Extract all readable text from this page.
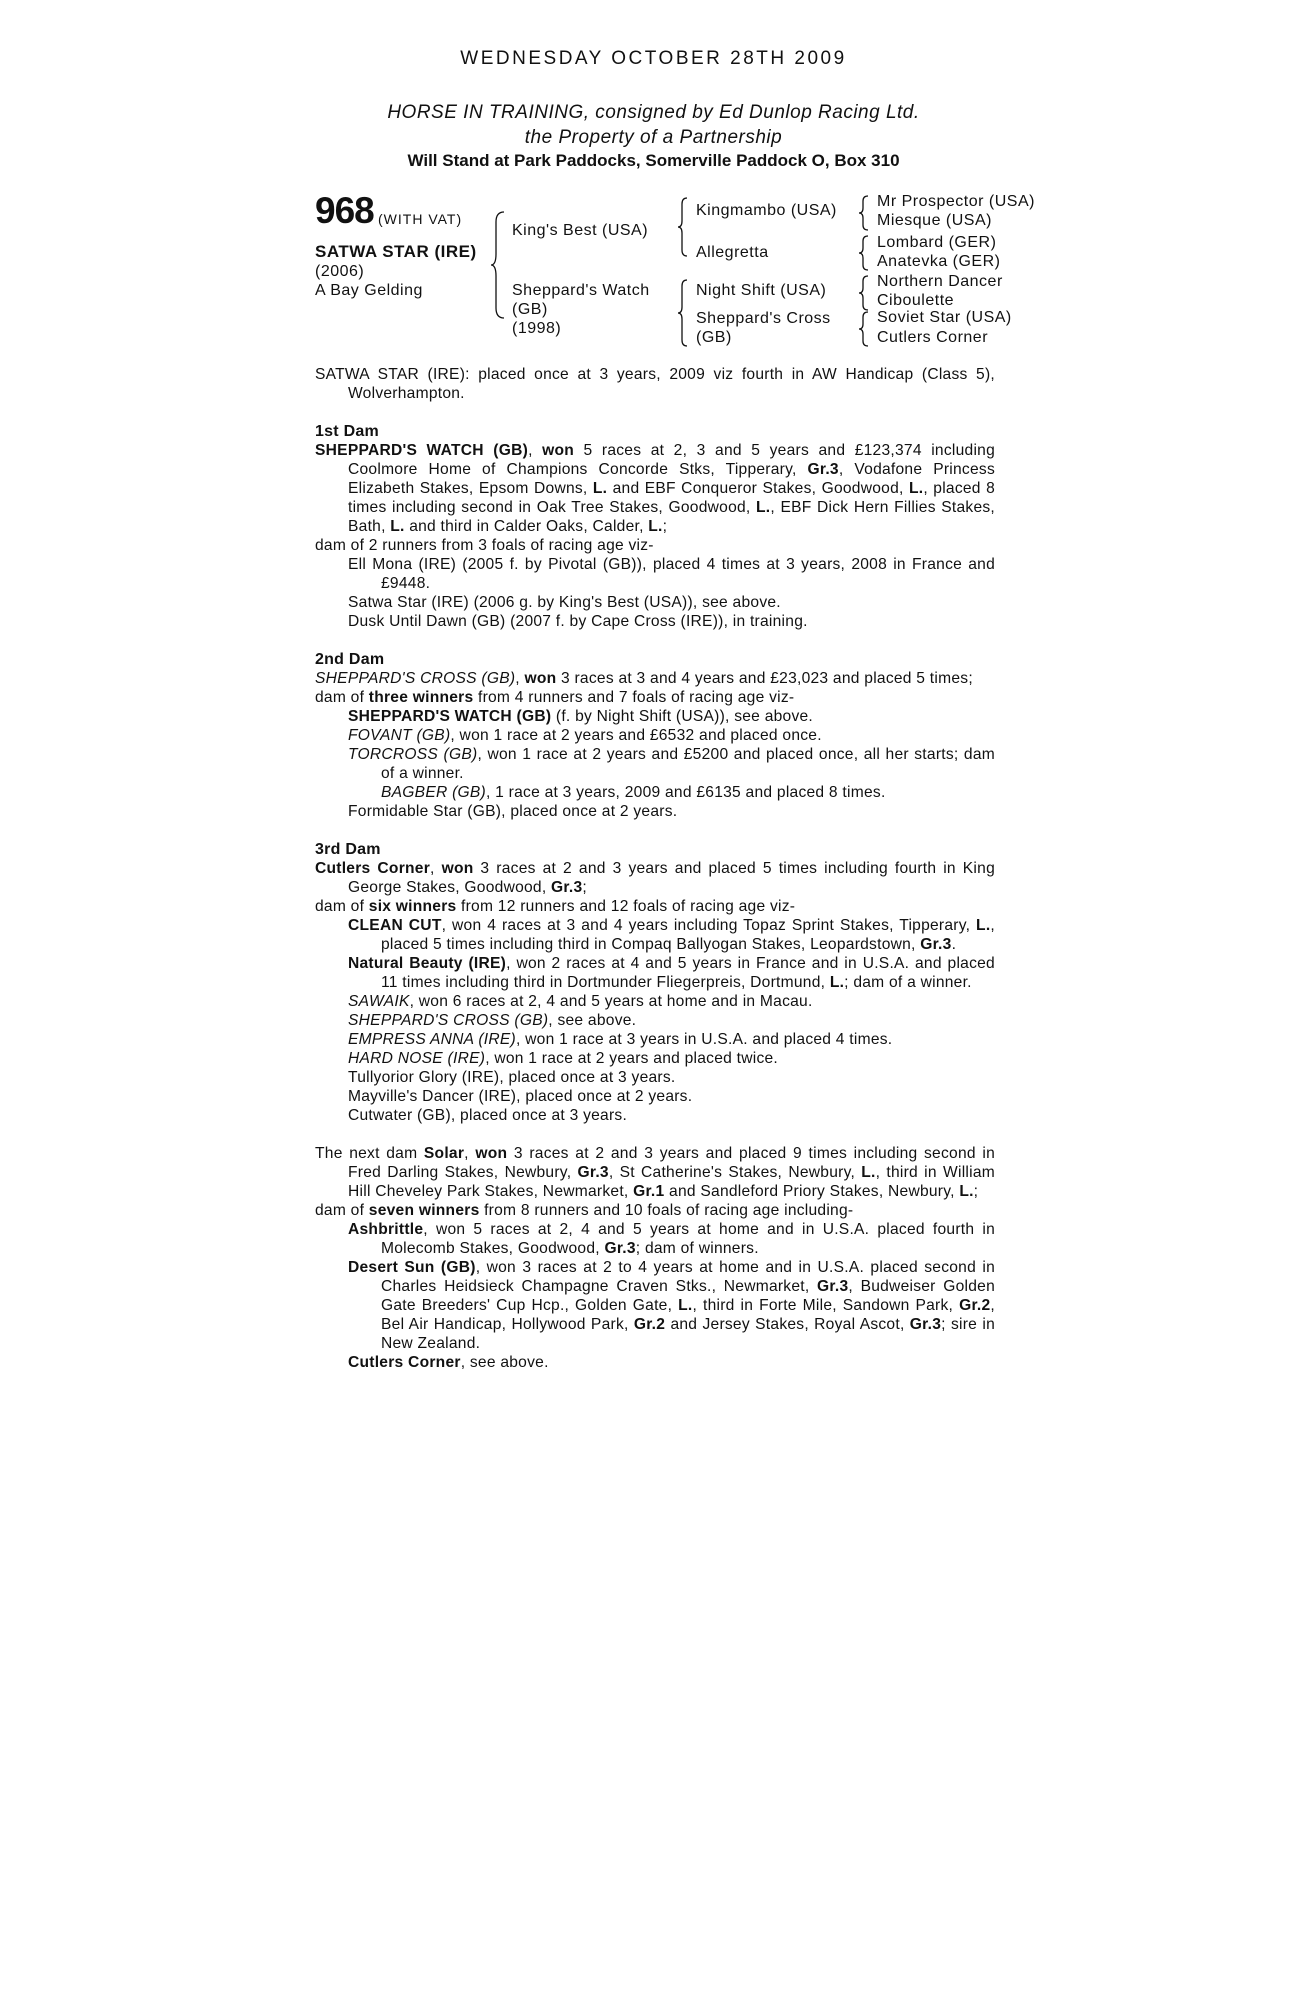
WEDNESDAY OCTOBER 28TH 2009
HORSE IN TRAINING, consigned by Ed Dunlop Racing Ltd.
the Property of a Partnership
Will Stand at Park Paddocks, Somerville Paddock O, Box 310
968 (WITH VAT)
SATWA STAR (IRE)
(2006)
A Bay Gelding
King's Best (USA)
Sheppard's Watch
(GB)
(1998)
Kingmambo (USA)
Allegretta
Night Shift (USA)
Sheppard's Cross
(GB)
Mr Prospector (USA)
Miesque (USA)
Lombard (GER)
Anatevka (GER)
Northern Dancer
Ciboulette
Soviet Star (USA)
Cutlers Corner

SATWA STAR (IRE): placed once at 3 years, 2009 viz fourth in AW Handicap (Class 5), Wolverhampton.

1st Dam

SHEPPARD'S WATCH (GB), won 5 races at 2, 3 and 5 years and £123,374 including Coolmore Home of Champions Concorde Stks, Tipperary, Gr.3, Vodafone Princess Elizabeth Stakes, Epsom Downs, L. and EBF Conqueror Stakes, Goodwood, L., placed 8 times including second in Oak Tree Stakes, Goodwood, L., EBF Dick Hern Fillies Stakes, Bath, L. and third in Calder Oaks, Calder, L.;

dam of 2 runners from 3 foals of racing age viz-

Ell Mona (IRE) (2005 f. by Pivotal (GB)), placed 4 times at 3 years, 2008 in France and £9448.

Satwa Star (IRE) (2006 g. by King's Best (USA)), see above.

Dusk Until Dawn (GB) (2007 f. by Cape Cross (IRE)), in training.

2nd Dam

SHEPPARD'S CROSS (GB), won 3 races at 3 and 4 years and £23,023 and placed 5 times;

dam of three winners from 4 runners and 7 foals of racing age viz-

SHEPPARD'S WATCH (GB) (f. by Night Shift (USA)), see above.

FOVANT (GB), won 1 race at 2 years and £6532 and placed once.

TORCROSS (GB), won 1 race at 2 years and £5200 and placed once, all her starts; dam of a winner.

BAGBER (GB), 1 race at 3 years, 2009 and £6135 and placed 8 times.

Formidable Star (GB), placed once at 2 years.

3rd Dam

Cutlers Corner, won 3 races at 2 and 3 years and placed 5 times including fourth in King George Stakes, Goodwood, Gr.3;

dam of six winners from 12 runners and 12 foals of racing age viz-

CLEAN CUT, won 4 races at 3 and 4 years including Topaz Sprint Stakes, Tipperary, L., placed 5 times including third in Compaq Ballyogan Stakes, Leopardstown, Gr.3.

Natural Beauty (IRE), won 2 races at 4 and 5 years in France and in U.S.A. and placed 11 times including third in Dortmunder Fliegerpreis, Dortmund, L.; dam of a winner.

SAWAIK, won 6 races at 2, 4 and 5 years at home and in Macau.

SHEPPARD'S CROSS (GB), see above.

EMPRESS ANNA (IRE), won 1 race at 3 years in U.S.A. and placed 4 times.

HARD NOSE (IRE), won 1 race at 2 years and placed twice.

Tullyorior Glory (IRE), placed once at 3 years.

Mayville's Dancer (IRE), placed once at 2 years.

Cutwater (GB), placed once at 3 years.

The next dam Solar, won 3 races at 2 and 3 years and placed 9 times including second in Fred Darling Stakes, Newbury, Gr.3, St Catherine's Stakes, Newbury, L., third in William Hill Cheveley Park Stakes, Newmarket, Gr.1 and Sandleford Priory Stakes, Newbury, L.;

dam of seven winners from 8 runners and 10 foals of racing age including-

Ashbrittle, won 5 races at 2, 4 and 5 years at home and in U.S.A. placed fourth in Molecomb Stakes, Goodwood, Gr.3; dam of winners.

Desert Sun (GB), won 3 races at 2 to 4 years at home and in U.S.A. placed second in Charles Heidsieck Champagne Craven Stks., Newmarket, Gr.3, Budweiser Golden Gate Breeders' Cup Hcp., Golden Gate, L., third in Forte Mile, Sandown Park, Gr.2, Bel Air Handicap, Hollywood Park, Gr.2 and Jersey Stakes, Royal Ascot, Gr.3; sire in New Zealand.

Cutlers Corner, see above.
